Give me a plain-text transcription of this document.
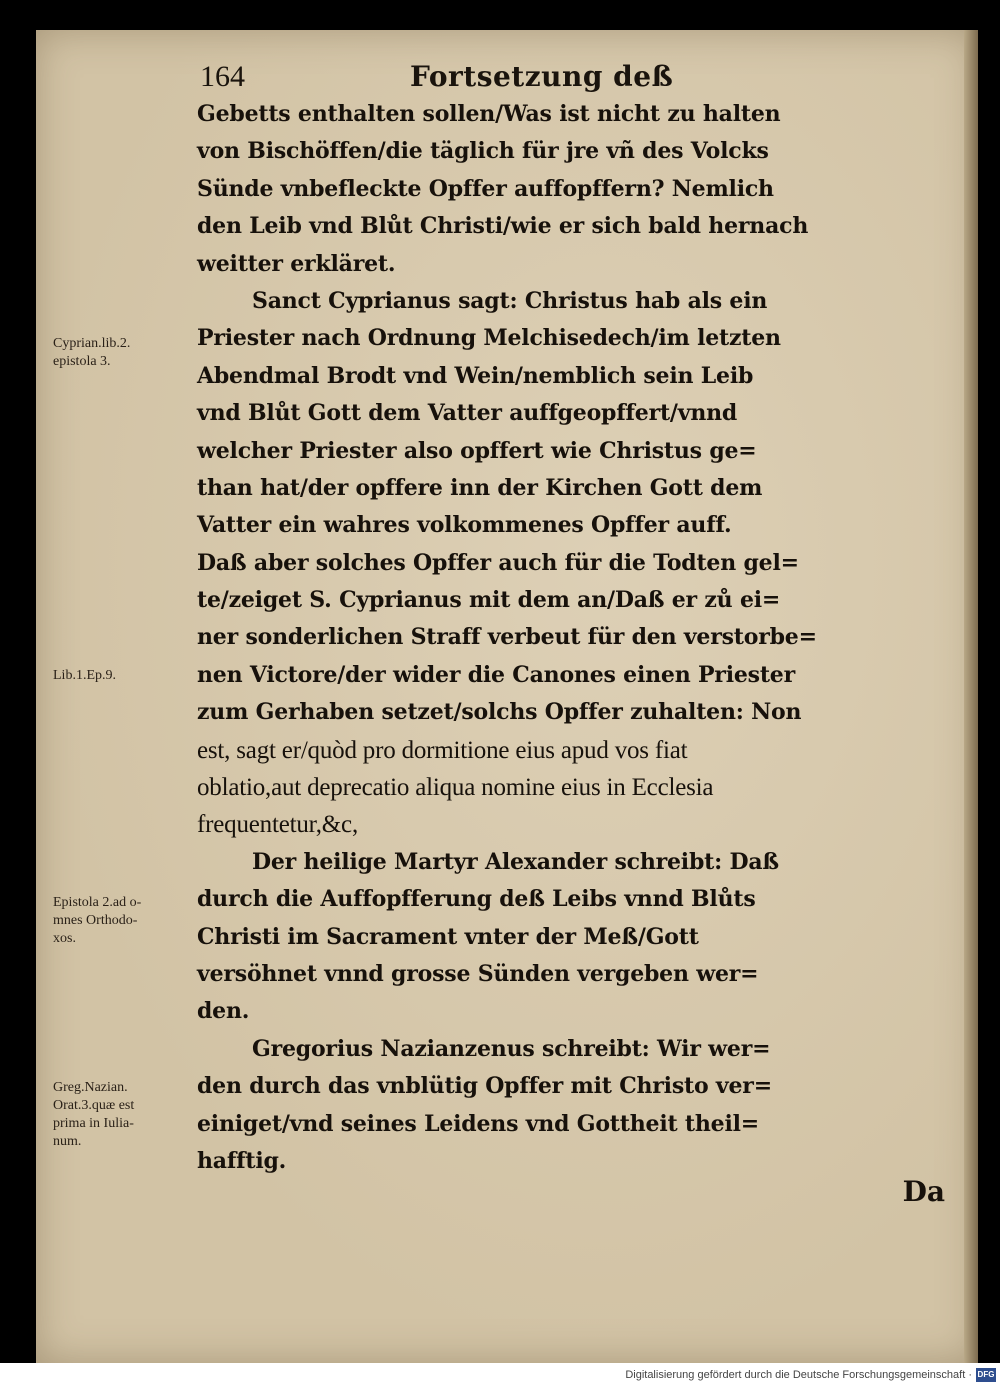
164	Fortsetzung deß
Gebetts enthalten sollen/Was ist nicht zu halten
von Bischöffen/die täglich für jre vñ des Volcks
Sünde vnbefleckte Opffer auffopffern? Nemlich
den Leib vnd Blůt Christi/wie er sich bald hernach
weitter erkläret.
Sanct Cyprianus sagt: Christus hab als ein
Priester nach Ordnung Melchisedech/im letzten
Abendmal Brodt vnd Wein/nemblich sein Leib
vnd Blůt Gott dem Vatter auffgeopffert/vnnd
welcher Priester also opffert wie Christus ge=
than hat/der opffere inn der Kirchen Gott dem
Vatter ein wahres volkommenes Opffer auff.
Daß aber solches Opffer auch für die Todten gel=
te/zeiget S. Cyprianus mit dem an/Daß er zů ei=
ner sonderlichen Straff verbeut für den verstorbe=
nen Victore/der wider die Canones einen Priester
zum Gerhaben setzet/solchs Opffer zuhalten: Non
est, sagt er/quòd pro dormitione eius apud vos fiat
oblatio,aut deprecatio aliqua nomine eius in Ecclesia
frequentetur,&c,
Der heilige Martyr Alexander schreibt: Daß
durch die Auffopfferung deß Leibs vnnd Blůts
Christi im Sacrament vnter der Meß/Gott
versöhnet vnnd grosse Sünden vergeben wer=
den.
Gregorius Nazianzenus schreibt: Wir wer=
den durch das vnblütig Opffer mit Christo ver=
einiget/vnd seines Leidens vnd Gottheit theil=
hafftig.
Da
Cyprian.lib.2.
epistola 3.
Lib.1.Ep.9.
Epistola 2.ad o-
mnes Orthodo-
xos.
Greg.Nazian.
Orat.3.quæ est
prima in Iulia-
num.
Digitalisierung gefördert durch die Deutsche Forschungsgemeinschaft · DFG
